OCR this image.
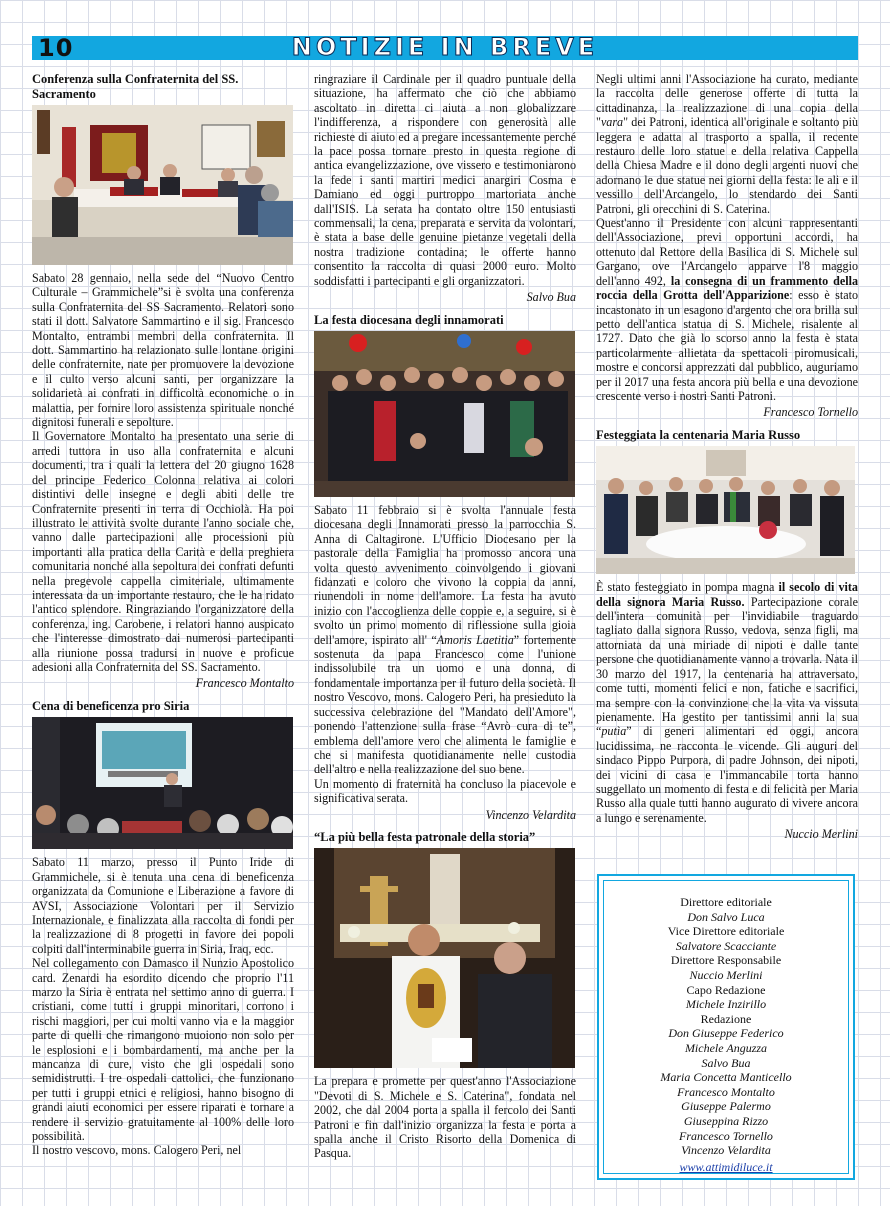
10	NOTIZIE IN BREVE
Conferenza sulla Confraternita del SS. Sacramento

Sabato 28 gennaio, nella sede del “Nuovo Centro Culturale – Grammichele”si è svolta una conferenza sulla Confraternita del SS Sacramento. Relatori sono stati il dott. Salvatore Sammartino e il sig. Francesco Montalto, entrambi membri della confraternita. Il dott. Sammartino ha relazionato sulle lontane origini delle confraternite, nate per promuovere la devozione e il culto verso alcuni santi, per organizzare la solidarietà ai confrati in difficoltà economiche o in malattia, per fornire loro assistenza spirituale nonché dignitosi funerali e sepolture.

Il Governatore Montalto ha presentato una serie di arredi tuttora in uso alla confraternita e alcuni documenti, tra i quali la lettera del 20 giugno 1628 del principe Federico Colonna relativa ai colori distintivi delle insegne e degli abiti delle tre Confraternite presenti in terra di Occhiolà. Ha poi illustrato le attività svolte durante l'anno sociale che, vanno dalle partecipazioni alle processioni più importanti alla pratica della Carità e della preghiera comunitaria nonché alla sepoltura dei confrati defunti nella pregevole cappella cimiteriale, ultimamente interessata da un importante restauro, che le ha ridato l'antico splendore. Ringraziando l'organizzatore della conferenza, ing. Carobene, i relatori hanno auspicato che l'interesse dimostrato dai numerosi partecipanti alla riunione possa tradursi in nuove e proficue adesioni alla Confraternita del SS. Sacramento.

Francesco Montalto
Cena di beneficenza pro Siria

Sabato 11 marzo, presso il Punto Iride di Grammichele, si è tenuta una cena di beneficenza organizzata da Comunione e Liberazione a favore di AVSI, Associazione Volontari per il Servizio Internazionale, e finalizzata alla raccolta di fondi per la realizzazione di 8 progetti in favore dei popoli colpiti dall'interminabile guerra in Siria, Iraq, ecc.

Nel collegamento con Damasco il Nunzio Apostolico card. Zenardi ha esordito dicendo che proprio l'11 marzo la Siria è entrata nel settimo anno di guerra. I cristiani, come tutti i gruppi minoritari, corrono i rischi maggiori, per cui molti vanno via e la maggior parte di quelli che rimangono muoiono non solo per le esplosioni e i bombardamenti, ma anche per la mancanza di cure, visto che gli ospedali sono semidistrutti. I tre ospedali cattolici, che funzionano per tutti i gruppi etnici e religiosi, hanno bisogno di grandi aiuti economici per essere riparati e tornare a rendere il servizio gratuitamente al 100% delle loro possibilità.

Il nostro vescovo, mons. Calogero Peri, nel

ringraziare il Cardinale per il quadro puntuale della situazione, ha affermato che ciò che abbiamo ascoltato in diretta ci aiuta a non globalizzare l'indifferenza, a rispondere con generosità alle richieste di aiuto ed a pregare incessantemente perché la pace possa tornare presto in questa regione di antica evangelizzazione, ove vissero e testimoniarono la fede i santi martiri medici anargiri Cosma e Damiano ed oggi purtroppo martoriata anche dall'ISIS. La serata ha contato oltre 150 entusiasti commensali, la cena, preparata e servita da volontari, è stata a base delle genuine pietanze vegetali della nostra tradizione contadina; le offerte hanno consentito la raccolta di quasi 2000 euro. Molto soddisfatti i partecipanti e gli organizzatori.

Salvo Bua
La festa diocesana degli innamorati

Sabato 11 febbraio si è svolta l'annuale festa diocesana degli Innamorati presso la parrocchia S. Anna di Caltagirone. L'Ufficio Diocesano per la pastorale della Famiglia ha promosso ancora una volta questo avvenimento coinvolgendo i giovani fidanzati e coloro che vivono la coppia da anni, riunendoli in nome dell'amore. La festa ha avuto inizio con l'accoglienza delle coppie e, a seguire, si è svolto un primo momento di riflessione sulla gioia dell'amore, ispirato all' “Amoris Laetitia” fortemente sostenuta da papa Francesco come l'unione indissolubile tra un uomo e una donna, di fondamentale importanza per il futuro della società. Il nostro Vescovo, mons. Calogero Peri, ha presieduto la successiva celebrazione del "Mandato dell'Amore", ponendo l'attenzione sulla frase “Avrò cura di te”, emblema dell'amore vero che alimenta le famiglie e che si manifesta quotidianamente nelle custodia dell'altro e nella realizzazione del suo bene.

Un momento di fraternità ha concluso la piacevole e significativa serata.

Vincenzo Velardita
“La più bella festa patronale della storia”

La prepara e promette per quest'anno l'Associazione "Devoti di S. Michele e S. Caterina", fondata nel 2002, che dal 2004 porta a spalla il fercolo dei Santi Patroni e fin dall'inizio organizza la festa e porta a spalla anche il Cristo Risorto della Domenica di Pasqua.

Negli ultimi anni l'Associazione ha curato, mediante la raccolta delle generose offerte di tutta la cittadinanza, la realizzazione di una copia della "vara" dei Patroni, identica all'originale e soltanto più leggera e adatta al trasporto a spalla, il recente restauro delle loro statue e della relativa Cappella della Chiesa Madre e il dono degli argenti nuovi che adornano le due statue nei giorni della festa: le ali e il vessillo dell'Arcangelo, lo stendardo dei Santi Patroni, gli orecchini di S. Caterina.

Quest'anno il Presidente con alcuni rappresentanti dell'Associazione, previ opportuni accordi, ha ottenuto dal Rettore della Basilica di S. Michele sul Gargano, ove l'Arcangelo apparve l'8 maggio dell'anno 492, la consegna di un frammento della roccia della Grotta dell'Apparizione: esso è stato incastonato in un esagono d'argento che ora brilla sul petto dell'antica statua di S. Michele, risalente al 1727. Dato che già lo scorso anno la festa è stata particolarmente allietata da spettacoli piromusicali, mostre e concorsi apprezzati dal pubblico, auguriamo per il 2017 una festa ancora più bella e una devozione crescente verso i nostri Santi Patroni.

Francesco Tornello
Festeggiata la centenaria Maria Russo

È stato festeggiato in pompa magna il secolo di vita della signora Maria Russo. Partecipazione corale dell'intera comunità per l'invidiabile traguardo tagliato dalla signora Russo, vedova, senza figli, ma attorniata da una miriade di nipoti e dalle tante persone che quotidianamente vanno a trovarla. Nata il 30 marzo del 1917, la centenaria ha attraversato, come tutti, momenti felici e non, fatiche e sacrifici, ma sempre con la convinzione che la vita va vissuta pienamente. Ha gestito per tantissimi anni la sua “putìa” di generi alimentari ed oggi, ancora lucidissima, ne racconta le vicende. Gli auguri del sindaco Pippo Purpora, di padre Johnson, dei nipoti, dei vicini di casa e l'immancabile torta hanno suggellato un momento di festa e di felicità per Maria Russo alla quale tutti hanno augurato di vivere ancora a lungo e serenamente.

Nuccio Merlini
Direttore editoriale
Don Salvo Luca
Vice Direttore editoriale
Salvatore Scacciante
Direttore Responsabile
Nuccio Merlini
Capo Redazione
Michele Inzirillo
Redazione
Don Giuseppe Federico
Michele Anguzza
Salvo Bua
Maria Concetta Manticello
Francesco Montalto
Giuseppe Palermo
Giuseppina Rizzo
Francesco Tornello
Vincenzo Velardita
www.attimidiluce.it
